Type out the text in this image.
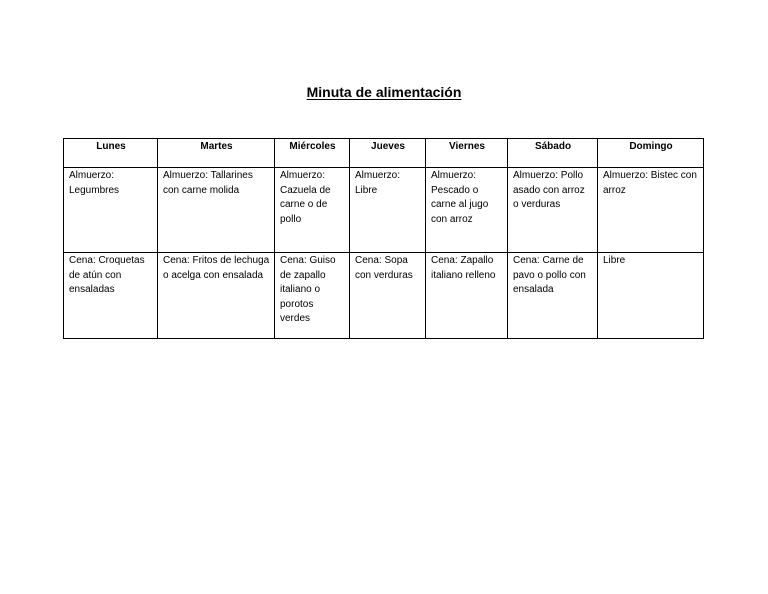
Minuta de alimentación
Lunes	Martes	Miércoles	Jueves	Viernes	Sábado	Domingo
Almuerzo: Legumbres	Almuerzo: Tallarines con carne molida	Almuerzo: Cazuela de carne o de pollo	Almuerzo: Libre	Almuerzo: Pescado o carne al jugo con arroz	Almuerzo: Pollo asado con arroz o verduras	Almuerzo: Bistec con arroz
Cena: Croquetas de atún con ensaladas	Cena: Fritos de lechuga o acelga con ensalada	Cena: Guiso de zapallo italiano o porotos verdes	Cena: Sopa con verduras	Cena: Zapallo italiano relleno	Cena: Carne de pavo o pollo con ensalada	Libre
